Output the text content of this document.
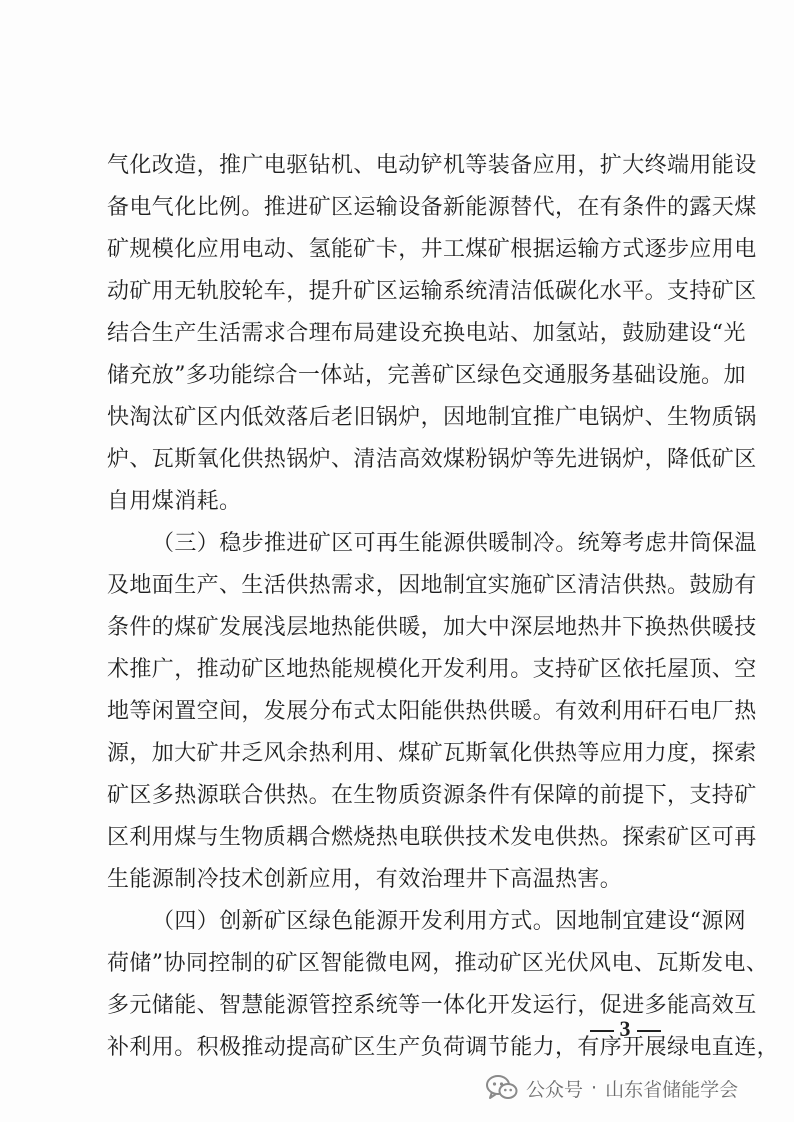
气化改造，推广电驱钻机、电动铲机等装备应用，扩大终端用能设
备电气化比例。推进矿区运输设备新能源替代，在有条件的露天煤
矿规模化应用电动、氢能矿卡，井工煤矿根据运输方式逐步应用电
动矿用无轨胶轮车，提升矿区运输系统清洁低碳化水平。支持矿区
结合生产生活需求合理布局建设充换电站、加氢站，鼓励建设“光
储充放”多功能综合一体站，完善矿区绿色交通服务基础设施。加
快淘汰矿区内低效落后老旧锅炉，因地制宜推广电锅炉、生物质锅
炉、瓦斯氧化供热锅炉、清洁高效煤粉锅炉等先进锅炉，降低矿区
自用煤消耗。
（三）稳步推进矿区可再生能源供暖制冷。统筹考虑井筒保温
及地面生产、生活供热需求，因地制宜实施矿区清洁供热。鼓励有
条件的煤矿发展浅层地热能供暖，加大中深层地热井下换热供暖技
术推广，推动矿区地热能规模化开发利用。支持矿区依托屋顶、空
地等闲置空间，发展分布式太阳能供热供暖。有效利用矸石电厂热
源，加大矿井乏风余热利用、煤矿瓦斯氧化供热等应用力度，探索
矿区多热源联合供热。在生物质资源条件有保障的前提下，支持矿
区利用煤与生物质耦合燃烧热电联供技术发电供热。探索矿区可再
生能源制冷技术创新应用，有效治理井下高温热害。
（四）创新矿区绿色能源开发利用方式。因地制宜建设“源网
荷储”协同控制的矿区智能微电网，推动矿区光伏风电、瓦斯发电、
多元储能、智慧能源管控系统等一体化开发运行，促进多能高效互
补利用。积极推动提高矿区生产负荷调节能力，有序开展绿电直连，
3
公众号 · 山东省储能学会
